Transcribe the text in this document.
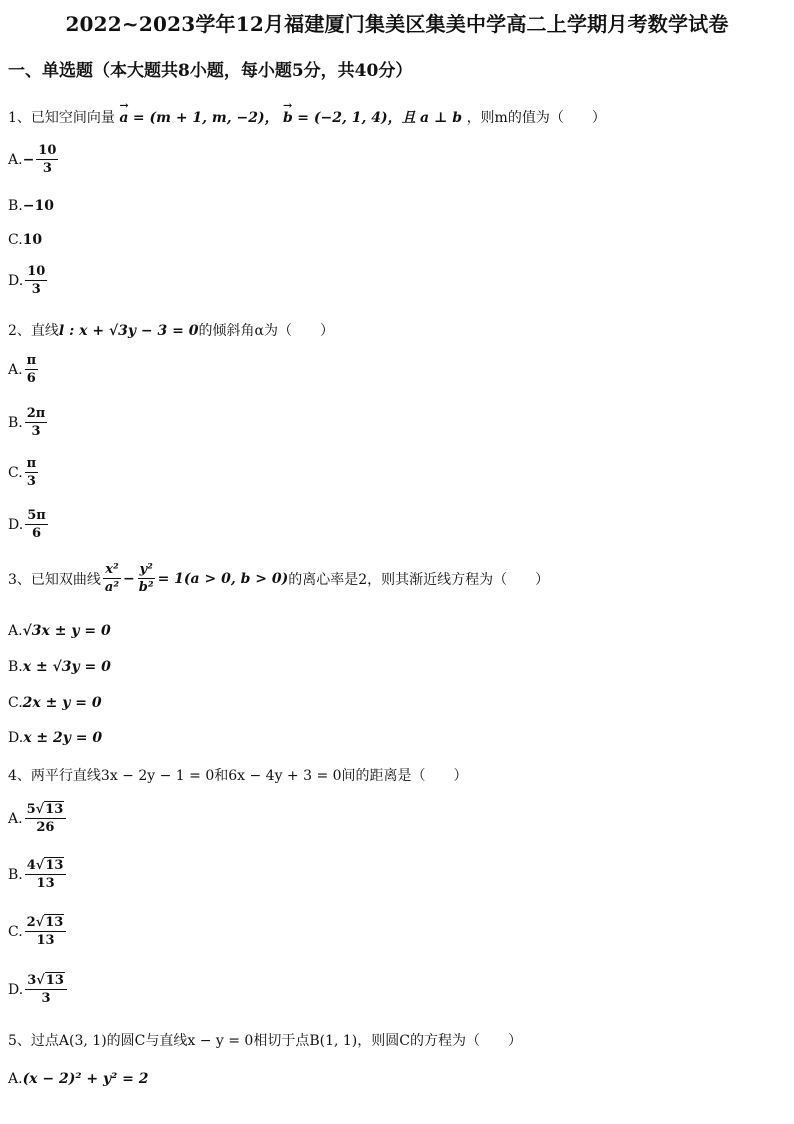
2022~2023学年12月福建厦门集美区集美中学高二上学期月考数学试卷
一、单选题（本大题共8小题，每小题5分，共40分）
1、已知空间向量 → a = (m + 1, m, −2)， → b = (−2, 1, 4)，且 a ⊥ b ，则m的值为（　　）
A. − $\frac{10}{3}$
B. −10
C. 10
D. $\frac{10}{3}$
2、直线l : x + √3y − 3 = 0的倾斜角α为（　　）
A. $\frac{\pi}{6}$
B. $\frac{2\pi}{3}$
C. $\frac{\pi}{3}$
D. $\frac{5\pi}{6}$
3、已知双曲线 $\frac{\text{x²}}{\text{a²}} - \frac{\text{y²}}{\text{b²}} = 1(a > 0$, b > 0) 的离心率是2，则其渐近线方程为（　　）
A. √3x ± y = 0
B. x ± √3y = 0
C. 2x ± y = 0
D. x ± 2y = 0
4、两平行直线3x − 2y − 1 = 0和6x − 4y + 3 = 0间的距离是（　　）
A. $\frac{5√13}{26}$
B. $\frac{4√13}{13}$
C. $\frac{2√13}{13}$
D. $\frac{3√13}{3}$
5、过点A(3, 1)的圆C与直线x − y = 0相切于点B(1, 1)，则圆C的方程为（　　）
A. (x − 2)² + y² = 2
